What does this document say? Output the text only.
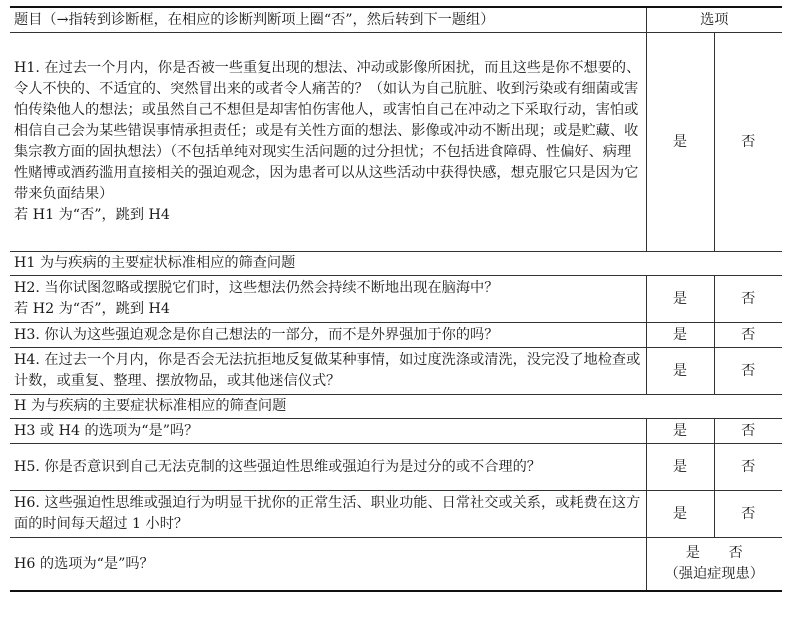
题目（→指转到诊断框，在相应的诊断判断项上圈“否”，然后转到下一题组）	选项	

H1. 在过去一个月内，你是否被一些重复出现的想法、冲动或影像所困扰，而且这些是你不想要的、令人不快的、不适宜的、突然冒出来的或者令人痛苦的？（如认为自己肮脏、收到污染或有细菌或害怕传染他人的想法；或虽然自己不想但是却害怕伤害他人，或害怕自己在冲动之下采取行动，害怕或相信自己会为某些错误事情承担责任；或是有关性方面的想法、影像或冲动不断出现；或是贮藏、收集宗教方面的固执想法）（不包括单纯对现实生活问题的过分担忧；不包括进食障碍、性偏好、病理性赌博或酒药滥用直接相关的强迫观念，因为患者可以从这些活动中获得快感，想克服它只是因为它带来负面结果）
若 H1 为“否”，跳到 H4	是	否
H1 为与疾病的主要症状标准相应的筛查问题		

H2. 当你试图忽略或摆脱它们时，这些想法仍然会持续不断地出现在脑海中？
若 H2 为“否”，跳到 H4	是	否
H3. 你认为这些强迫观念是你自己想法的一部分，而不是外界强加于你的吗？	是	否
H4. 在过去一个月内，你是否会无法抗拒地反复做某种事情，如过度洗涤或清洗，没完没了地检查或计数，或重复、整理、摆放物品，或其他迷信仪式？	是	否
H 为与疾病的主要症状标准相应的筛查问题		
H3 或 H4 的选项为“是”吗？	是	否
H5. 你是否意识到自己无法克制的这些强迫性思维或强迫行为是过分的或不合理的？	是	否
H6. 这些强迫性思维或强迫行为明显干扰你的正常生活、职业功能、日常社交或关系，或耗费在这方面的时间每天超过 1 小时？	是	否
H6 的选项为“是”吗？	是 否
（强迫症现患）	
